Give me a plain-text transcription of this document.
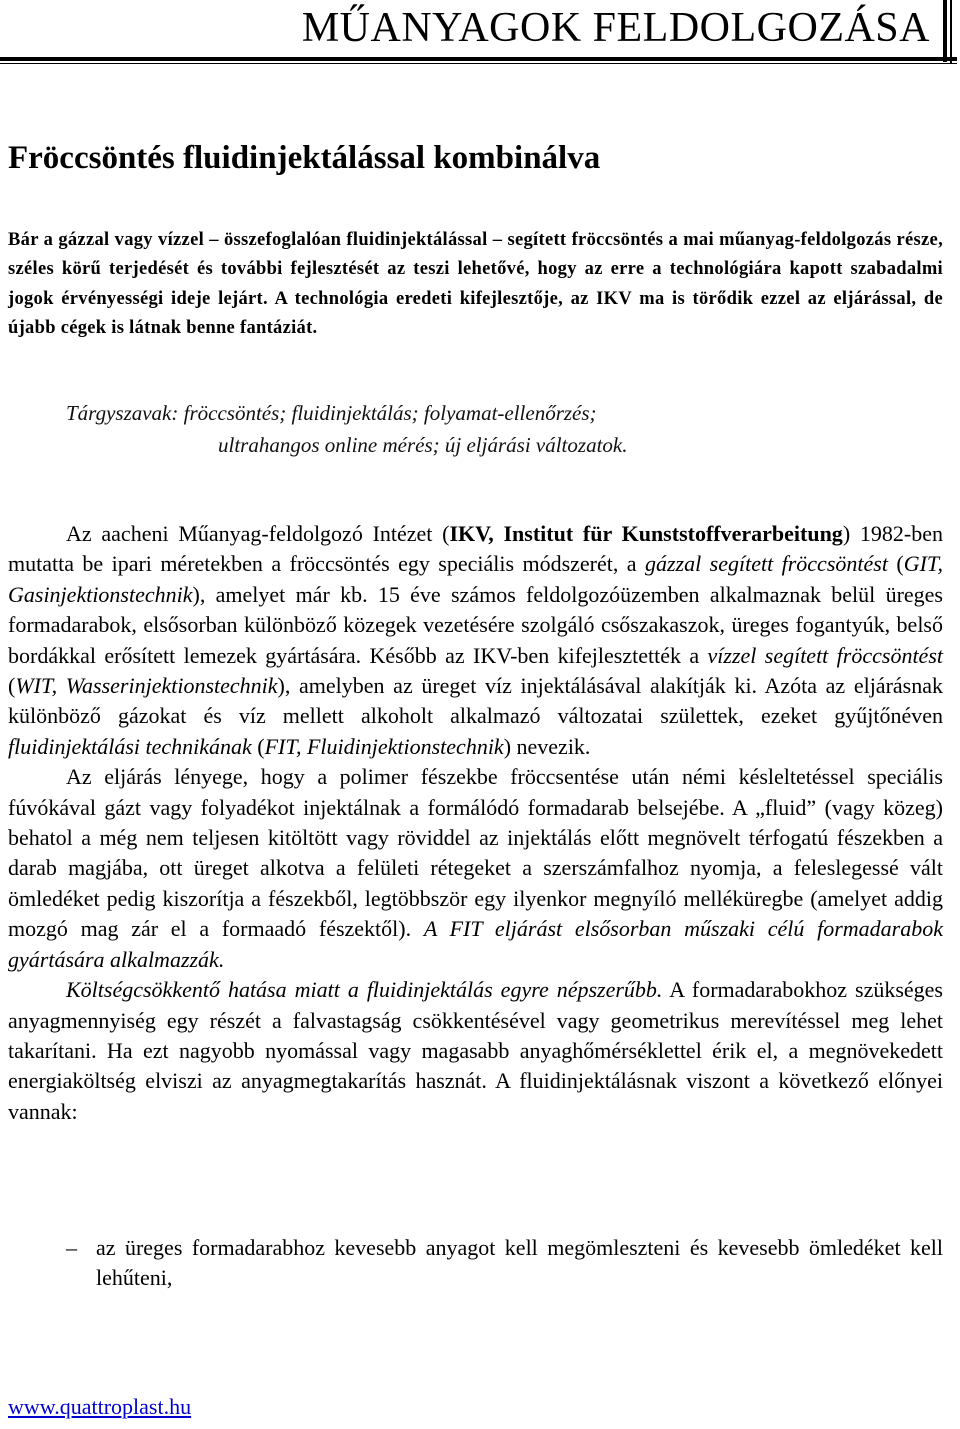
MŰANYAGOK FELDOLGOZÁSA
Fröccsöntés fluidinjektálással kombinálva

Bár a gázzal vagy vízzel – összefoglalóan fluidinjektálással – segített fröccsöntés a mai műanyag-feldolgozás része, széles körű terjedését és további fejlesztését az teszi lehetővé, hogy az erre a technológiára kapott szabadalmi jogok érvényességi ideje lejárt. A technológia eredeti kifejlesztője, az IKV ma is törődik ezzel az eljárással, de újabb cégek is látnak benne fantáziát.

Tárgyszavak: fröccsöntés; fluidinjektálás; folyamat-ellenőrzés;
ultrahangos online mérés; új eljárási változatok.

Az aacheni Műanyag-feldolgozó Intézet (IKV, Institut für Kunststoffverarbeitung) 1982-ben mutatta be ipari méretekben a fröccsöntés egy speciális módszerét, a gázzal segített fröccsöntést (GIT, Gasinjektionstechnik), amelyet már kb. 15 éve számos feldolgozóüzemben alkalmaznak belül üreges formadarabok, elsősorban különböző közegek vezetésére szolgáló csőszakaszok, üreges fogantyúk, belső bordákkal erősített lemezek gyártására. Később az IKV-ben kifejlesztették a vízzel segített fröccsöntést (WIT, Wasserinjektionstechnik), amelyben az üreget víz injektálásával alakítják ki. Azóta az eljárásnak különböző gázokat és víz mellett alkoholt alkalmazó változatai születtek, ezeket gyűjtőnéven fluidinjektálási technikának (FIT, Fluidinjektionstechnik) nevezik.

Az eljárás lényege, hogy a polimer fészekbe fröccsentése után némi késleltetéssel speciális fúvókával gázt vagy folyadékot injektálnak a formálódó formadarab belsejébe. A „fluid” (vagy közeg) behatol a még nem teljesen kitöltött vagy röviddel az injektálás előtt megnövelt térfogatú fészekben a darab magjába, ott üreget alkotva a felületi rétegeket a szerszámfalhoz nyomja, a feleslegessé vált ömledéket pedig kiszorítja a fészekből, legtöbbször egy ilyenkor megnyíló melléküregbe (amelyet addig mozgó mag zár el a formaadó fészektől). A FIT eljárást elsősorban műszaki célú formadarabok gyártására alkalmazzák.

Költségcsökkentő hatása miatt a fluidinjektálás egyre népszerűbb. A formadarabokhoz szükséges anyagmennyiség egy részét a falvastagság csökkentésével vagy geometrikus merevítéssel meg lehet takarítani. Ha ezt nagyobb nyomással vagy magasabb anyaghőmérséklettel érik el, a megnövekedett energiaköltség elviszi az anyagmegtakarítás hasznát. A fluidinjektálásnak viszont a következő előnyei vannak:

– az üreges formadarabhoz kevesebb anyagot kell megömleszteni és kevesebb ömledéket kell lehűteni,
www.quattroplast.hu
